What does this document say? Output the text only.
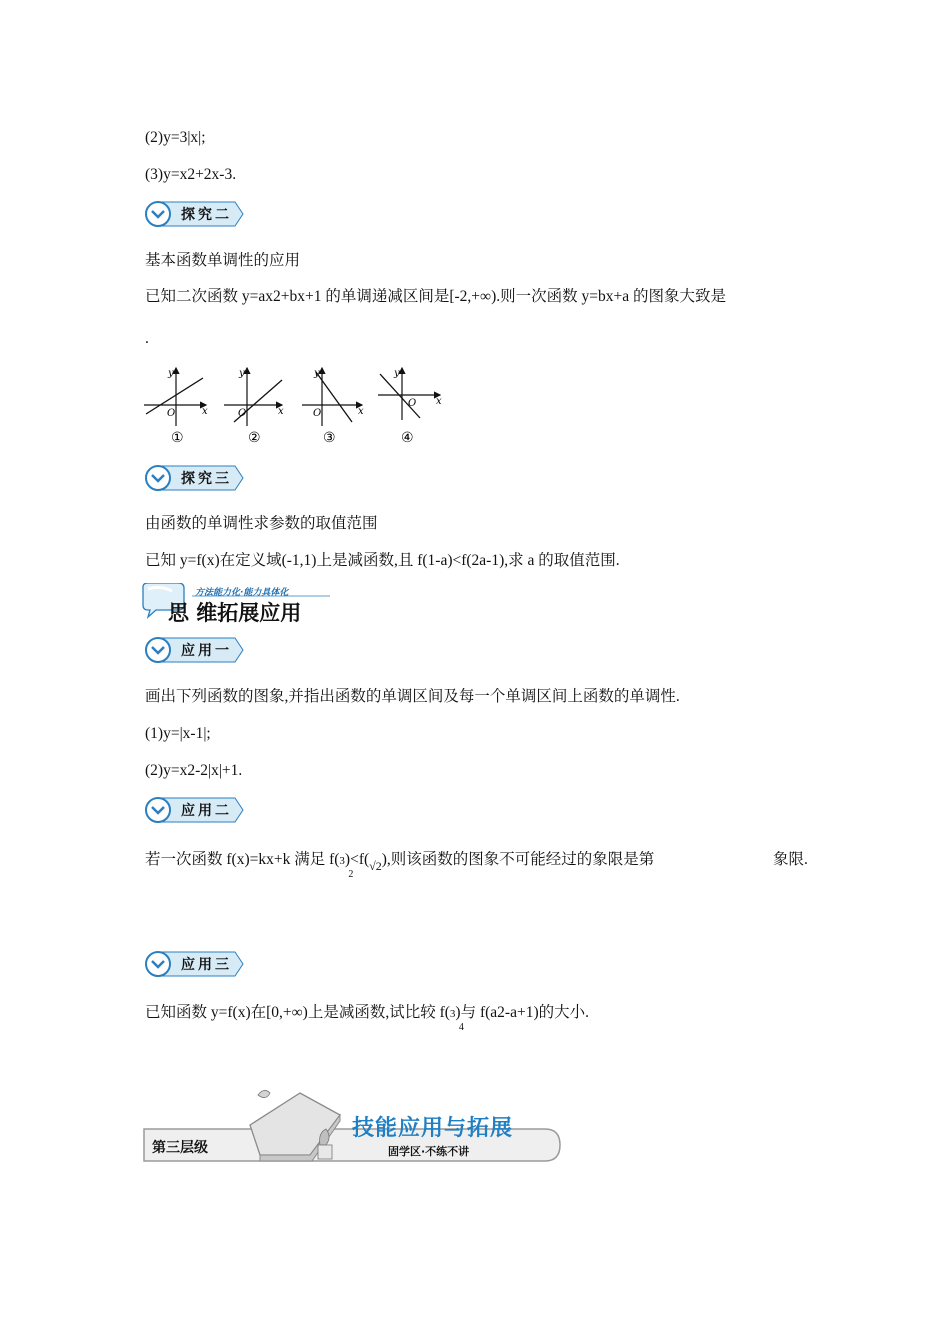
(2)y=3|x|;
(3)y=x2+2x-3.
探究二
基本函数单调性的应用
已知二次函数 y=ax2+bx+1 的单调递减区间是[-2,+∞).则一次函数 y=bx+a 的图象大致是
.
y
x
O
①
y
x
O
②
y
x
O
③
y
x
O
④
探究三
由函数的单调性求参数的取值范围
已知 y=f(x)在定义域(-1,1)上是减函数,且 f(1-a)<f(2a-1),求 a 的取值范围.
方法能力化·能力具体化
思 维拓展应用
应用一
画出下列函数的图象,并指出函数的单调区间及每一个单调区间上函数的单调性.
(1)y=|x-1|;
(2)y=x2-2|x|+1.
应用二
若一次函数 f(x)=kx+k 满足 f(3
2
)$<f(_{√2})$,则该函数的图象不可能经过的象限是第	象限.
应用三
已知函数 y=f(x)在[0,+∞)上是减函数,试比较 f(3
4
)与 f(a2-a+1)的大小.
第三层级
技能应用与拓展
固学区·不练不讲
